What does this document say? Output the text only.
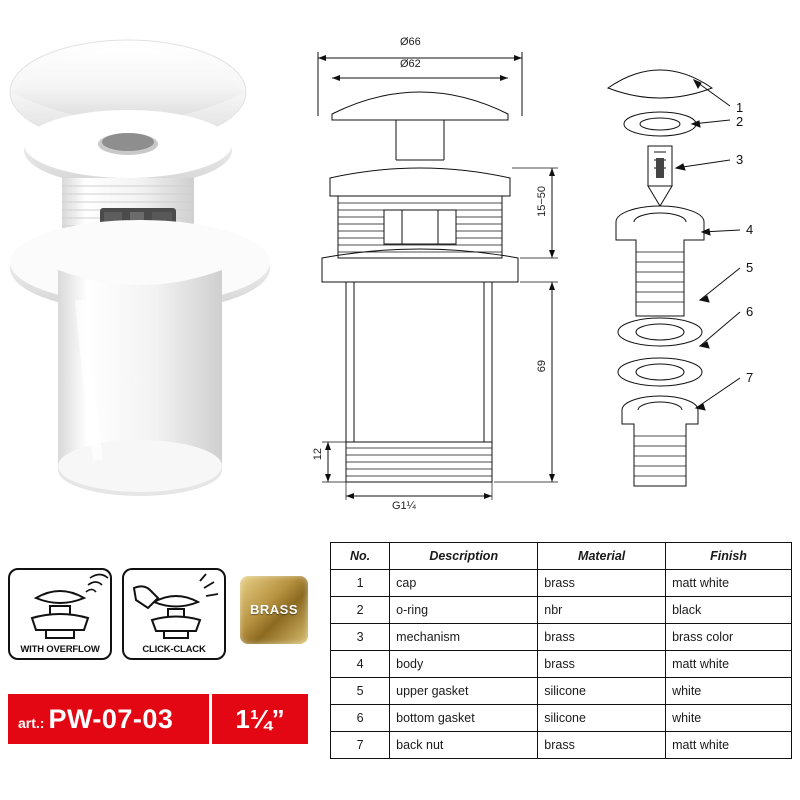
Ø66
Ø62
15−50
69
12
G1¼
1
2
3
4
5
6
7
WITH OVERFLOW	CLICK-CLACK
BRASS
art.: PW-07-03	1¼”
No.	Description	Material	Finish
1	cap	brass	matt white
2	o-ring	nbr	black
3	mechanism	brass	brass color
4	body	brass	matt white
5	upper gasket	silicone	white
6	bottom gasket	silicone	white
7	back nut	brass	matt white
